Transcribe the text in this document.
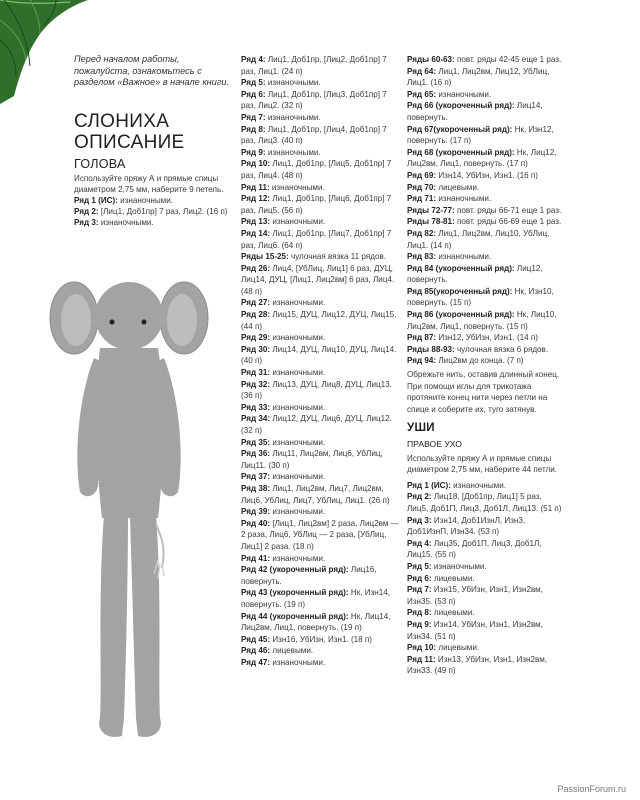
Перед началом работы, пожалуйста, ознакомьтесь с разделом «Важное» в начале книги.

СЛОНИХА
ОПИСАНИЕ
ГОЛОВА

Используйте пряжу А и прямые спицы диаметром 2,75 мм, наберите 9 петель.

Ряд 1 (ИС): изнаночными.

Ряд 2: [Лиц1, Доб1пр] 7 раз, Лиц2. (16 п)

Ряд 3: изнаночными.

Ряд 4: Лиц1, Доб1пр, [Лиц2, Доб1пр] 7 раз, Лиц1. (24 п)

Ряд 5: изнаночными.

Ряд 6: Лиц1, Доб1пр, [Лиц3, Доб1пр] 7 раз, Лиц2. (32 п)

Ряд 7: изнаночными.

Ряд 8: Лиц1, Доб1пр, [Лиц4, Доб1пр] 7 раз, Лиц3. (40 п)

Ряд 9: изнаночными.

Ряд 10: Лиц1, Доб1пр, [Лиц5, Доб1пр] 7 раз, Лиц4. (48 п)

Ряд 11: изнаночными.

Ряд 12: Лиц1, Доб1пр, [Лиц6, Доб1пр] 7 раз, Лиц5. (56 п)

Ряд 13: изнаночными.

Ряд 14: Лиц1, Доб1пр, [Лиц7, Доб1пр] 7 раз, Лиц6. (64 п)

Ряды 15-25: чулочная вязка 11 рядов.

Ряд 26: Лиц4, [УбЛиц, Лиц1] 6 раз, ДУЦ, Лиц14, ДУЦ, [Лиц1, Лиц2вм] 6 раз, Лиц4. (48 п)

Ряд 27: изнаночными.

Ряд 28: Лиц15, ДУЦ, Лиц12, ДУЦ, Лиц15. (44 п)

Ряд 29: изнаночными.

Ряд 30: Лиц14, ДУЦ, Лиц10, ДУЦ, Лиц14. (40 п)

Ряд 31: изнаночными.

Ряд 32: Лиц13, ДУЦ, Лиц8, ДУЦ, Лиц13. (36 п)

Ряд 33: изнаночными.

Ряд 34: Лиц12, ДУЦ, Лиц6, ДУЦ, Лиц12. (32 п)

Ряд 35: изнаночными.

Ряд 36: Лиц11, Лиц2вм, Лиц6, УбЛиц, Лиц11. (30 п)

Ряд 37: изнаночными.

Ряд 38: Лиц1, Лиц2вм, Лиц7, Лиц2вм, Лиц6, УбЛиц, Лиц7, УбЛиц, Лиц1. (26 п)

Ряд 39: изнаночными.

Ряд 40: [Лиц1, Лиц2вм] 2 раза, Лиц2вм — 2 раза, Лиц6, УбЛиц — 2 раза, [УбЛиц, Лиц1] 2 раза. (18 п)

Ряд 41: изнаночными.

Ряд 42 (укороченный ряд): Лиц16, повернуть.

Ряд 43 (укороченный ряд): Нк, Изн14, повернуть. (19 п)

Ряд 44 (укороченный ряд): Нк, Лиц14, Лиц2вм, Лиц1, повернуть. (19 п)

Ряд 45: Изн16, УбИзн, Изн1. (18 п)

Ряд 46: лицевыми.

Ряд 47: изнаночными.

Ряды 60-63: повт. ряды 42-45 еще 1 раз.

Ряд 64: Лиц1, Лиц2вм, Лиц12, УбЛиц, Лиц1. (16 п)

Ряд 65: изнаночными.

Ряд 66 (укороченный ряд): Лиц14, повернуть.

Ряд 67(укороченный ряд): Нк, Изн12, повернуть. (17 п)

Ряд 68 (укороченный ряд): Нк, Лиц12, Лиц2вм, Лиц1, повернуть. (17 п)

Ряд 69: Изн14, УбИзн, Изн1. (16 п)

Ряд 70: лицевыми.

Ряд 71: изнаночными.

Ряды 72-77: повт. ряды 66-71 еще 1 раз.

Ряды 78-81: повт. ряды 66-69 еще 1 раз.

Ряд 82: Лиц1, Лиц2вм, Лиц10, УбЛиц, Лиц1. (14 п)

Ряд 83: изнаночными.

Ряд 84 (укороченный ряд): Лиц12, повернуть.

Ряд 85(укороченный ряд): Нк, Изн10, повернуть. (15 п)

Ряд 86 (укороченный ряд): Нк, Лиц10, Лиц2вм, Лиц1, повернуть. (15 п)

Ряд 87: Изн12, УбИзн, Изн1. (14 п)

Ряды 88-93: чулочная вязка 6 рядов.

Ряд 94: Лиц2вм до конца. (7 п)

Обрежьте нить, оставив длинный конец. При помощи иглы для трикотажа протяните конец нити через петли на спице и соберите их, туго затянув.

УШИ
ПРАВОЕ УХО

Используйте пряжу А и прямые спицы диаметром 2,75 мм, наберите 44 петли.

Ряд 1 (ИС): изнаночными.

Ряд 2: Лиц18, [Доб1пр, Лиц1] 5 раз, Лиц5, Доб1П, Лиц3, Доб1Л, Лиц13. (51 п)

Ряд 3: Изн14, Доб1ИзнЛ, Изн3, Доб1ИзнП, Изн34. (53 п)

Ряд 4: Лиц35, Доб1П, Лиц3, Доб1Л, Лиц15. (55 п)

Ряд 5: изнаночными.

Ряд 6: лицевыми.

Ряд 7: Изн15, УбИзн, Изн1, Изн2вм, Изн35. (53 п)

Ряд 8: лицевыми.

Ряд 9: Изн14, УбИзн, Изн1, Изн2вм, Изн34. (51 п)

Ряд 10: лицевыми.

Ряд 11: Изн13, УбИзн, Изн1, Изн2вм, Изн33. (49 п)

PassionForum.ru
